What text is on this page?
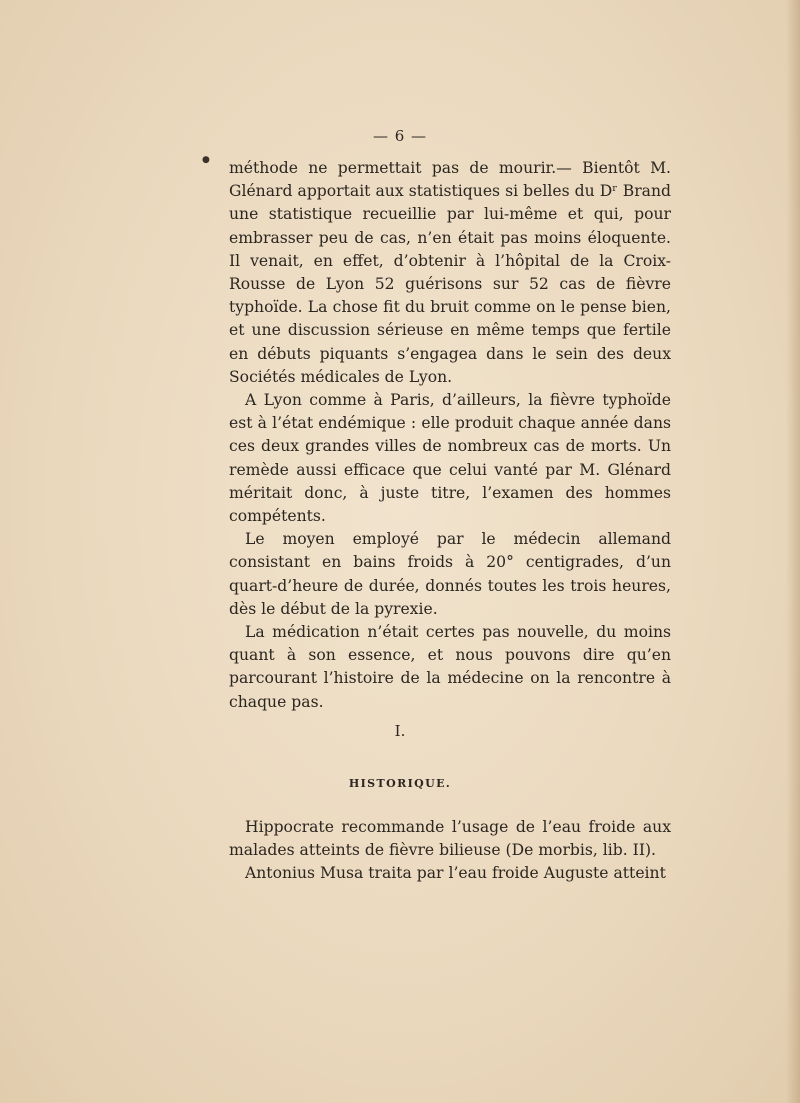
— 6 —
● méthode ne permettait pas de mourir.— Bientôt M. Glénard apportait aux statistiques si belles du Dʳ Brand une statistique recueillie par lui-même et qui, pour embrasser peu de cas, n’en était pas moins éloquente. Il venait, en effet, d’obtenir à l’hôpital de la Croix-Rousse de Lyon 52 guérisons sur 52 cas de fièvre typhoïde. La chose fit du bruit comme on le pense bien, et une discussion sérieuse en même temps que fertile en débuts piquants s’engagea dans le sein des deux Sociétés médicales de Lyon.

A Lyon comme à Paris, d’ailleurs, la fièvre typhoïde est à l’état endémique : elle produit chaque année dans ces deux grandes villes de nombreux cas de morts. Un remède aussi efficace que celui vanté par M. Glénard méritait donc, à juste titre, l’examen des hommes compétents.

Le moyen employé par le médecin allemand consistant en bains froids à 20° centigrades, d’un quart-d’heure de durée, donnés toutes les trois heures, dès le début de la pyrexie.

La médication n’était certes pas nouvelle, du moins quant à son essence, et nous pouvons dire qu’en parcourant l’histoire de la médecine on la rencontre à chaque pas.

I.
HISTORIQUE.

Hippocrate recommande l’usage de l’eau froide aux malades atteints de fièvre bilieuse (De morbis, lib. II).

Antonius Musa traita par l’eau froide Auguste atteint
